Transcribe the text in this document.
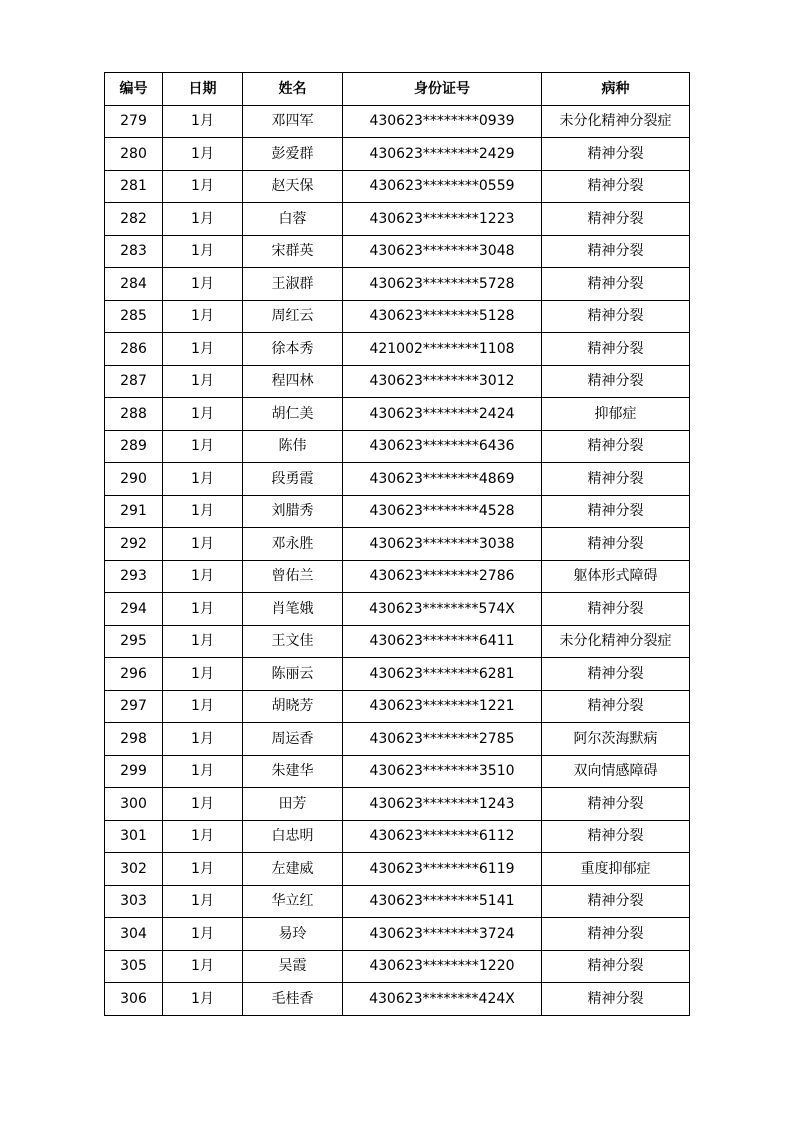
编号	日期	姓名	身份证号	病种
279	1月	邓四军	430623********0939	未分化精神分裂症
280	1月	彭爱群	430623********2429	精神分裂
281	1月	赵天保	430623********0559	精神分裂
282	1月	白蓉	430623********1223	精神分裂
283	1月	宋群英	430623********3048	精神分裂
284	1月	王淑群	430623********5728	精神分裂
285	1月	周红云	430623********5128	精神分裂
286	1月	徐本秀	421002********1108	精神分裂
287	1月	程四林	430623********3012	精神分裂
288	1月	胡仁美	430623********2424	抑郁症
289	1月	陈伟	430623********6436	精神分裂
290	1月	段勇霞	430623********4869	精神分裂
291	1月	刘腊秀	430623********4528	精神分裂
292	1月	邓永胜	430623********3038	精神分裂
293	1月	曾佑兰	430623********2786	躯体形式障碍
294	1月	肖笔娥	430623********574X	精神分裂
295	1月	王文佳	430623********6411	未分化精神分裂症
296	1月	陈丽云	430623********6281	精神分裂
297	1月	胡晓芳	430623********1221	精神分裂
298	1月	周运香	430623********2785	阿尔茨海默病
299	1月	朱建华	430623********3510	双向情感障碍
300	1月	田芳	430623********1243	精神分裂
301	1月	白忠明	430623********6112	精神分裂
302	1月	左建威	430623********6119	重度抑郁症
303	1月	华立红	430623********5141	精神分裂
304	1月	易玲	430623********3724	精神分裂
305	1月	吴霞	430623********1220	精神分裂
306	1月	毛桂香	430623********424X	精神分裂
